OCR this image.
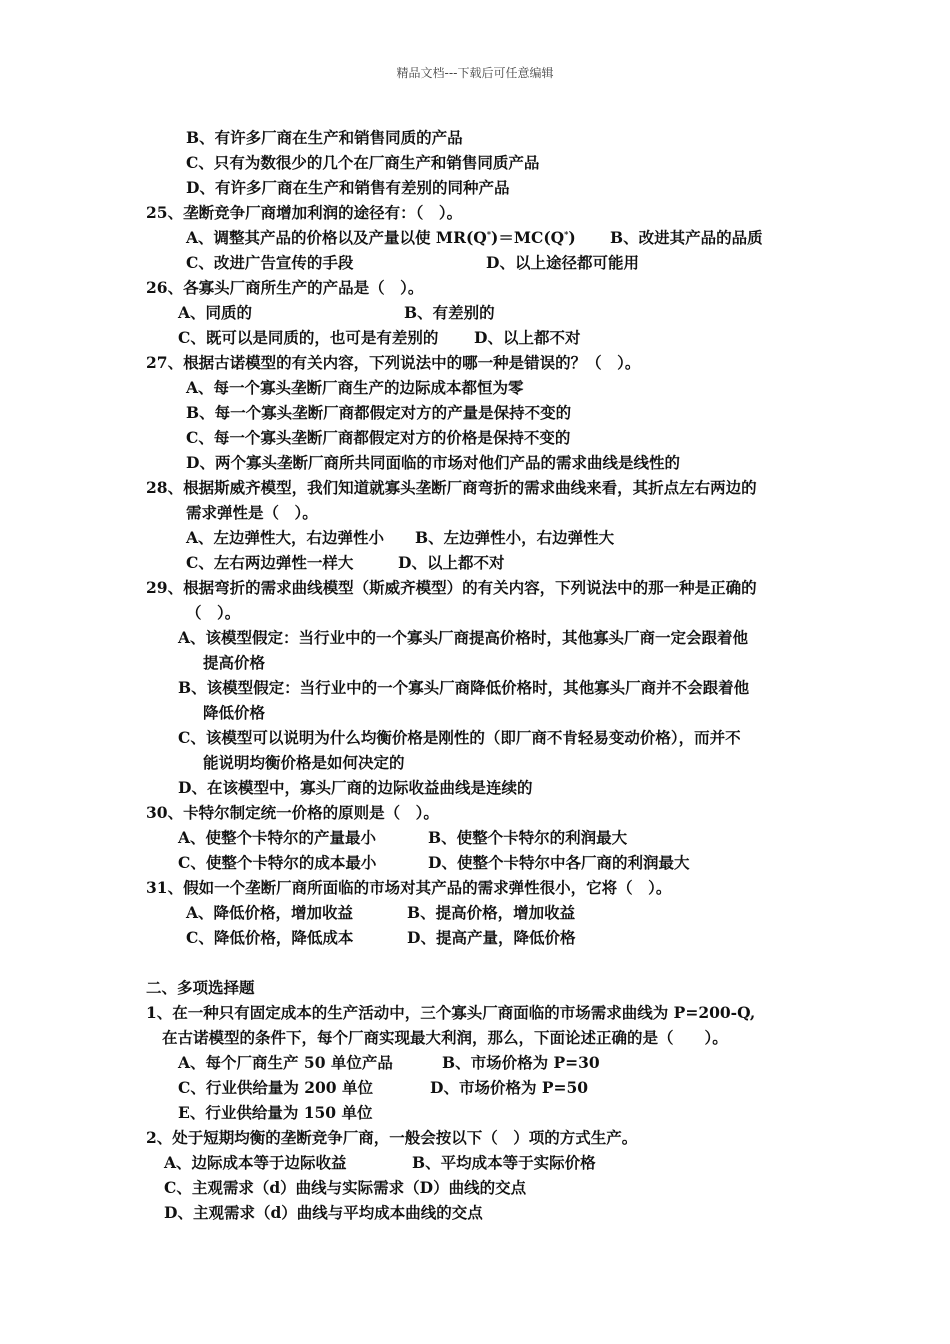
精品文档---下载后可任意编辑
B、有许多厂商在生产和销售同质的产品
C、只有为数很少的几个在厂商生产和销售同质产品
D、有许多厂商在生产和销售有差别的同种产品
25、垄断竞争厂商增加利润的途径有：（　）。
A、调整其产品的价格以及产量以使 MR(Q*)＝MC(Q*) B、改进其产品的品质
C、改进广告宣传的手段	D、以上途径都可能用
26、各寡头厂商所生产的产品是（　）。
A、同质的	B、有差别的
C、既可以是同质的，也可是有差别的 D、以上都不对
27、根据古诺模型的有关内容，下列说法中的哪一种是错误的？（　）。
A、每一个寡头垄断厂商生产的边际成本都恒为零
B、每一个寡头垄断厂商都假定对方的产量是保持不变的
C、每一个寡头垄断厂商都假定对方的价格是保持不变的
D、两个寡头垄断厂商所共同面临的市场对他们产品的需求曲线是线性的
28、根据斯威齐模型，我们知道就寡头垄断厂商弯折的需求曲线来看，其折点左右两边的
需求弹性是（　）。
A、左边弹性大，右边弹性小 B、左边弹性小，右边弹性大
C、左右两边弹性一样大	D、以上都不对
29、根据弯折的需求曲线模型（斯威齐模型）的有关内容，下列说法中的那一种是正确的
（　）。
A、该模型假定：当行业中的一个寡头厂商提高价格时，其他寡头厂商一定会跟着他
提高价格
B、该模型假定：当行业中的一个寡头厂商降低价格时，其他寡头厂商并不会跟着他
降低价格
C、该模型可以说明为什么均衡价格是刚性的（即厂商不肯轻易变动价格），而并不
能说明均衡价格是如何决定的
D、在该模型中，寡头厂商的边际收益曲线是连续的
30、卡特尔制定统一价格的原则是（　）。
A、使整个卡特尔的产量最小	B、使整个卡特尔的利润最大
C、使整个卡特尔的成本最小	D、使整个卡特尔中各厂商的利润最大
31、假如一个垄断厂商所面临的市场对其产品的需求弹性很小，它将（　）。
A、降低价格，增加收益	B、提高价格，增加收益
C、降低价格，降低成本	D、提高产量，降低价格
二、多项选择题
1、在一种只有固定成本的生产活动中，三个寡头厂商面临的市场需求曲线为 P=200-Q,
在古诺模型的条件下，每个厂商实现最大利润，那么，下面论述正确的是（　　）。
A、每个厂商生产 50 单位产品	B、市场价格为 P=30
C、行业供给量为 200 单位	D、市场价格为 P=50
E、行业供给量为 150 单位
2、处于短期均衡的垄断竞争厂商，一般会按以下（　）项的方式生产。
A、边际成本等于边际收益	B、平均成本等于实际价格
C、主观需求（d）曲线与实际需求（D）曲线的交点
D、主观需求（d）曲线与平均成本曲线的交点
